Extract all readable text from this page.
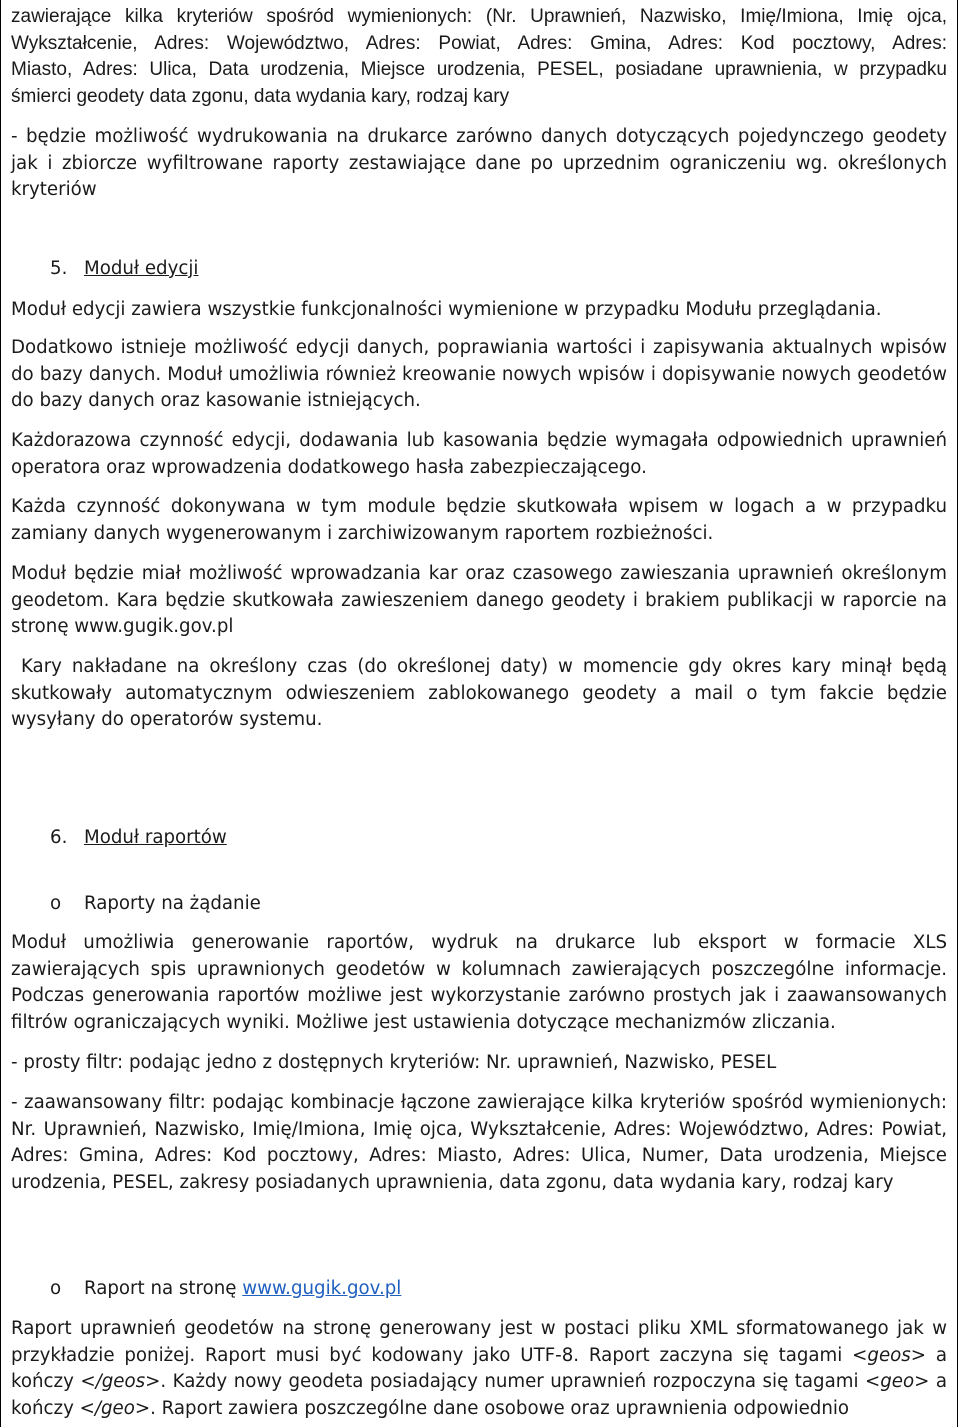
zawierające kilka kryteriów spośród wymienionych: (Nr. Uprawnień, Nazwisko, Imię/Imiona, Imię ojca,

Wykształcenie, Adres: Województwo, Adres: Powiat, Adres: Gmina, Adres: Kod pocztowy, Adres:

Miasto, Adres: Ulica, Data urodzenia, Miejsce urodzenia, PESEL, posiadane uprawnienia, w przypadku

śmierci geodety data zgonu, data wydania kary, rodzaj kary

- będzie możliwość wydrukowania na drukarce zarówno danych dotyczących pojedynczego geodety jak i zbiorcze wyfiltrowane raporty zestawiające dane po uprzednim ograniczeniu wg. określonych kryteriów

5. Moduł edycji

Moduł edycji zawiera wszystkie funkcjonalności wymienione w przypadku Modułu przeglądania.

Dodatkowo istnieje możliwość edycji danych, poprawiania wartości i zapisywania aktualnych wpisów do bazy danych. Moduł umożliwia również kreowanie nowych wpisów i dopisywanie nowych geodetów do bazy danych oraz kasowanie istniejących.

Każdorazowa czynność edycji, dodawania lub kasowania będzie wymagała odpowiednich uprawnień operatora oraz wprowadzenia dodatkowego hasła zabezpieczającego.

Każda czynność dokonywana w tym module będzie skutkowała wpisem w logach a w przypadku zamiany danych wygenerowanym i zarchiwizowanym raportem rozbieżności.

Moduł będzie miał możliwość wprowadzania kar oraz czasowego zawieszania uprawnień określonym geodetom. Kara będzie skutkowała zawieszeniem danego geodety i brakiem publikacji w raporcie na stronę www.gugik.gov.pl

Kary nakładane na określony czas (do określonej daty) w momencie gdy okres kary minął będą skutkowały automatycznym odwieszeniem zablokowanego geodety a mail o tym fakcie będzie wysyłany do operatorów systemu.

6. Moduł raportów
o Raporty na żądanie

Moduł umożliwia generowanie raportów, wydruk na drukarce lub eksport w formacie XLS zawierających spis uprawnionych geodetów w kolumnach zawierających poszczególne informacje. Podczas generowania raportów możliwe jest wykorzystanie zarówno prostych jak i zaawansowanych filtrów ograniczających wyniki. Możliwe jest ustawienia dotyczące mechanizmów zliczania.

- prosty filtr: podając jedno z dostępnych kryteriów: Nr. uprawnień, Nazwisko, PESEL

- zaawansowany filtr: podając kombinacje łączone zawierające kilka kryteriów spośród wymienionych: Nr. Uprawnień, Nazwisko, Imię/Imiona, Imię ojca, Wykształcenie, Adres: Województwo, Adres: Powiat, Adres: Gmina, Adres: Kod pocztowy, Adres: Miasto, Adres: Ulica, Numer, Data urodzenia, Miejsce urodzenia, PESEL, zakresy posiadanych uprawnienia, data zgonu, data wydania kary, rodzaj kary

o Raport na stronę www.gugik.gov.pl

Raport uprawnień geodetów na stronę generowany jest w postaci pliku XML sformatowanego jak w przykładzie poniżej. Raport musi być kodowany jako UTF-8. Raport zaczyna się tagami <geos> a kończy </geos>. Każdy nowy geodeta posiadający numer uprawnień rozpoczyna się tagami <geo> a kończy </geo>. Raport zawiera poszczególne dane osobowe oraz uprawnienia odpowiednio
